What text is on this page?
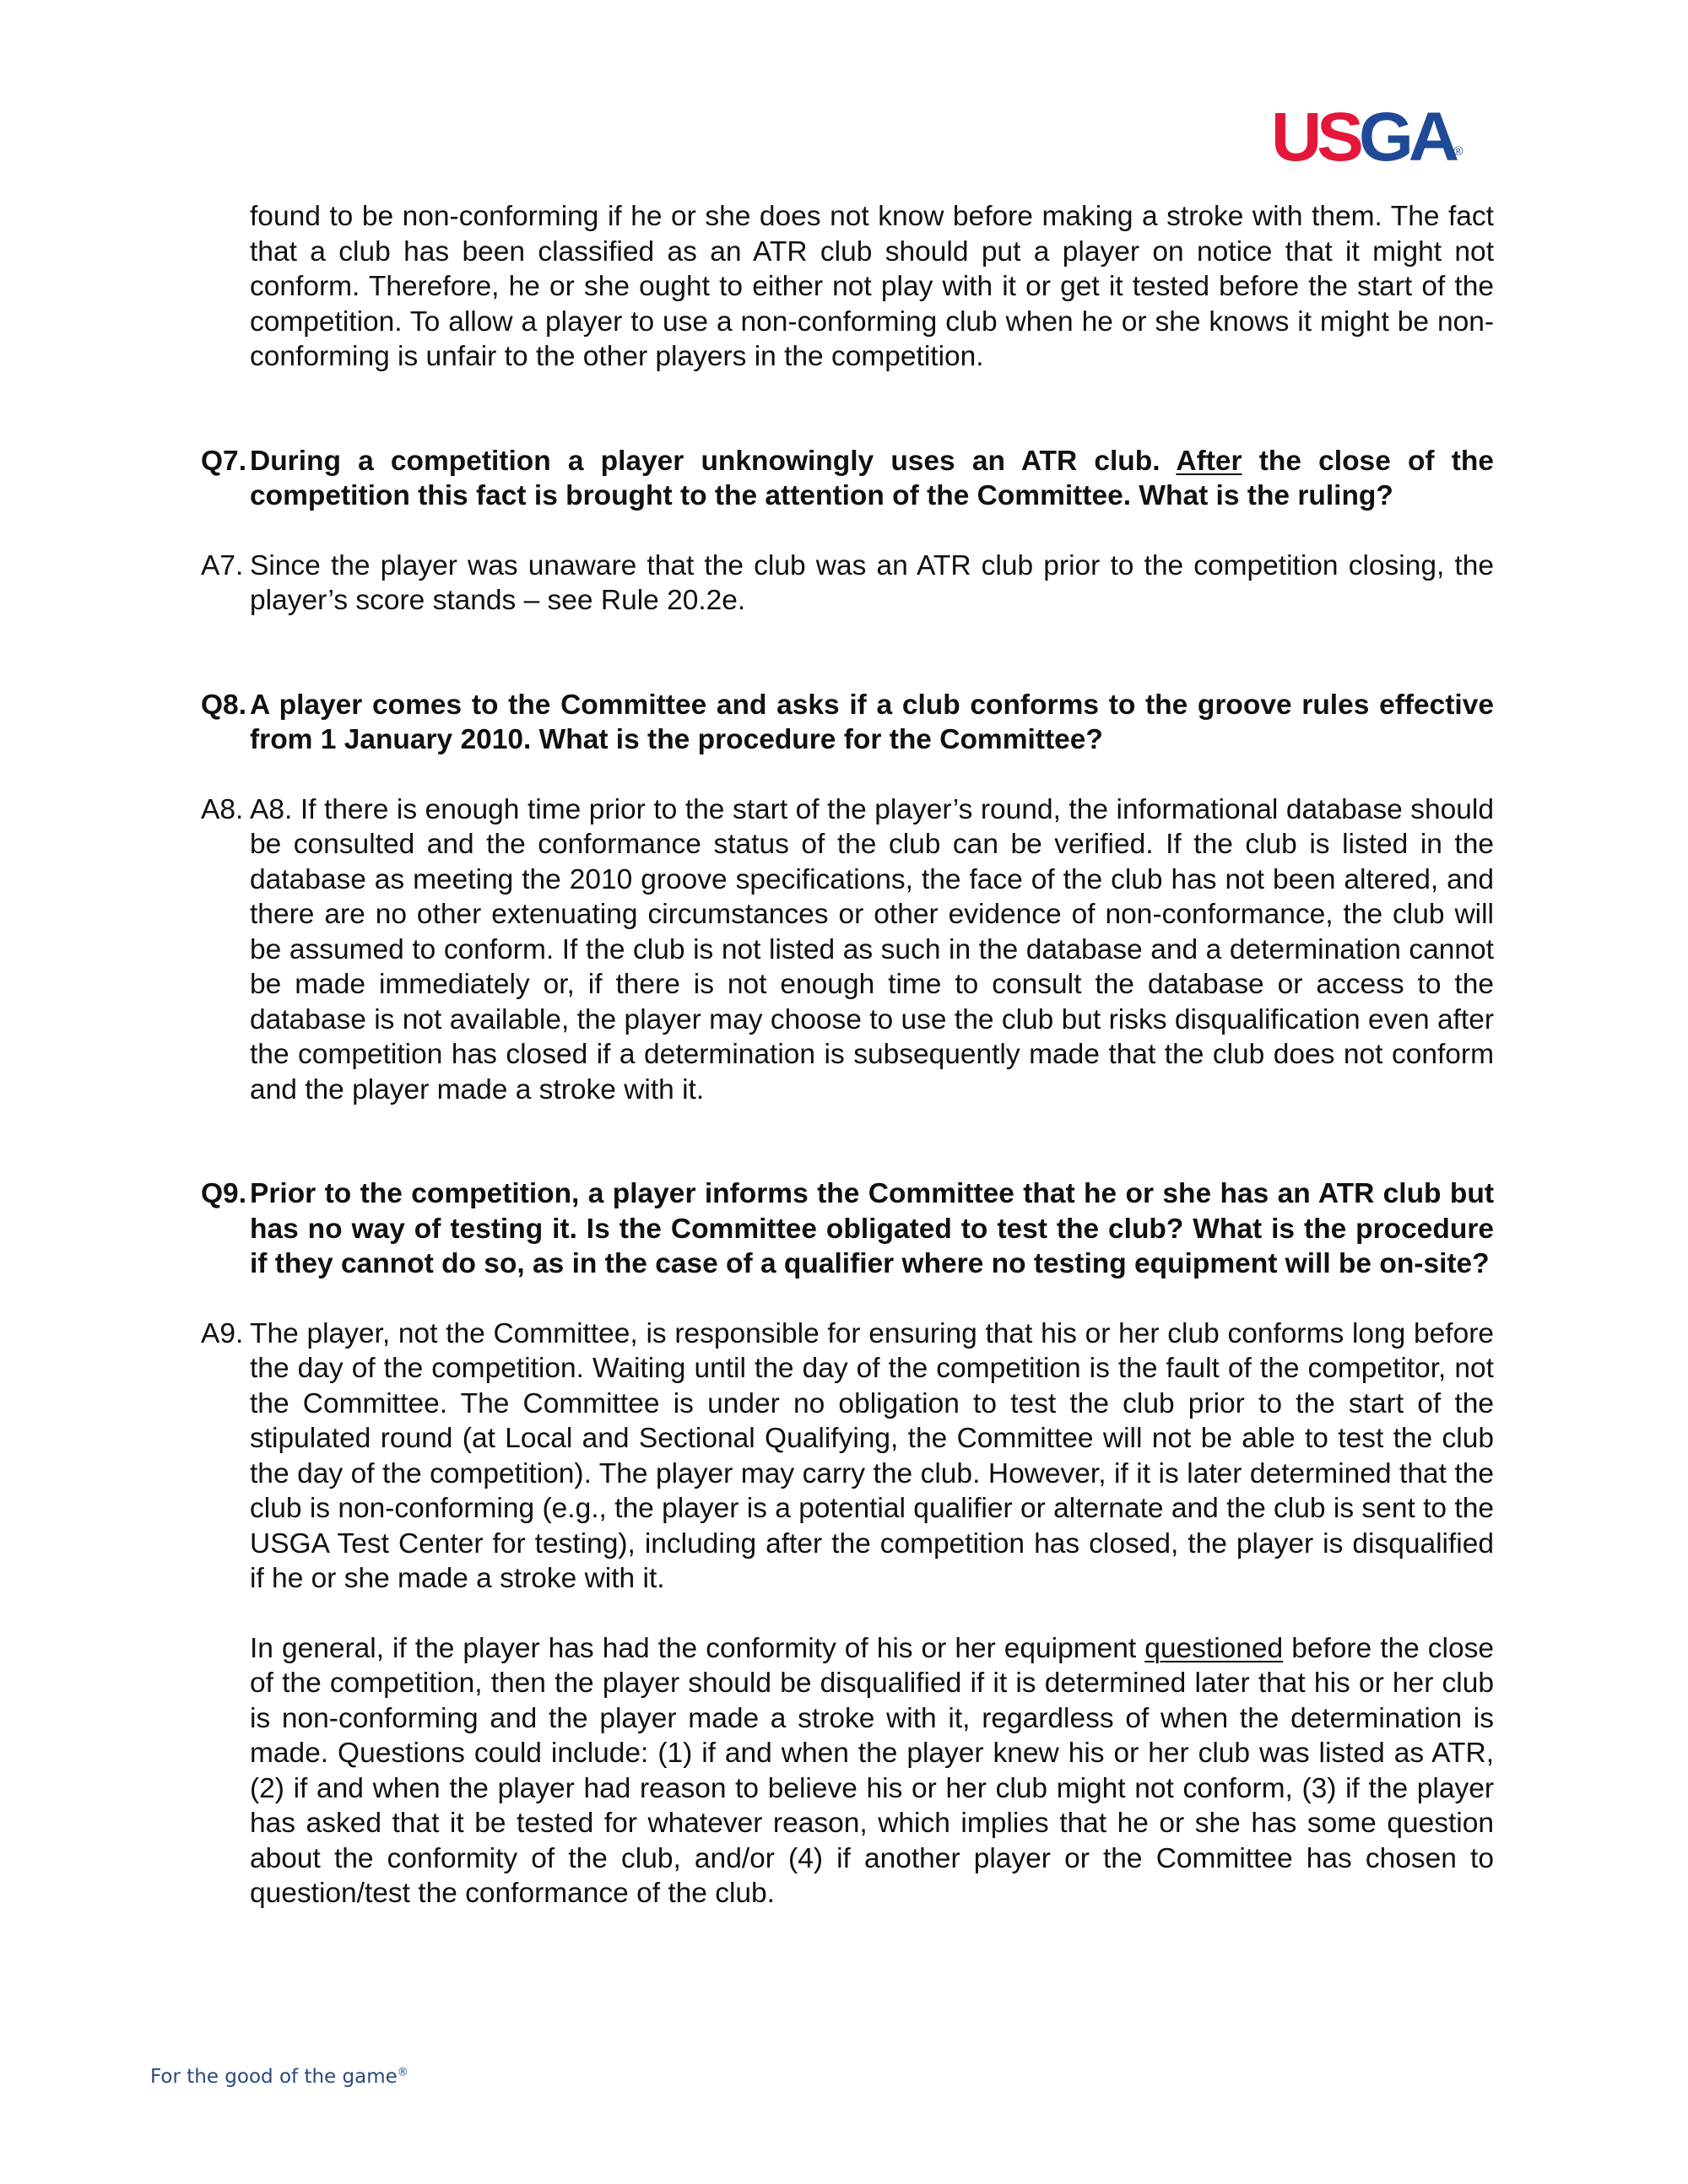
USGA ®
found to be non-conforming if he or she does not know before making a stroke with them. The fact that a club has been classified as an ATR club should put a player on notice that it might not conform. Therefore, he or she ought to either not play with it or get it tested before the start of the competition. To allow a player to use a non-conforming club when he or she knows it might be non-conforming is unfair to the other players in the competition.
Q7. During a competition a player unknowingly uses an ATR club. After the close of the competition this fact is brought to the attention of the Committee. What is the ruling?
A7. Since the player was unaware that the club was an ATR club prior to the competition closing, the player’s score stands – see Rule 20.2e.
Q8. A player comes to the Committee and asks if a club conforms to the groove rules effective from 1 January 2010. What is the procedure for the Committee?
A8. A8. If there is enough time prior to the start of the player’s round, the informational database should be consulted and the conformance status of the club can be verified. If the club is listed in the database as meeting the 2010 groove specifications, the face of the club has not been altered, and there are no other extenuating circumstances or other evidence of non-conformance, the club will be assumed to conform. If the club is not listed as such in the database and a determination cannot be made immediately or, if there is not enough time to consult the database or access to the database is not available, the player may choose to use the club but risks disqualification even after the competition has closed if a determination is subsequently made that the club does not conform and the player made a stroke with it.
Q9. Prior to the competition, a player informs the Committee that he or she has an ATR club but has no way of testing it. Is the Committee obligated to test the club? What is the procedure if they cannot do so, as in the case of a qualifier where no testing equipment will be on-site?
A9. The player, not the Committee, is responsible for ensuring that his or her club conforms long before the day of the competition. Waiting until the day of the competition is the fault of the competitor, not the Committee. The Committee is under no obligation to test the club prior to the start of the stipulated round (at Local and Sectional Qualifying, the Committee will not be able to test the club the day of the competition). The player may carry the club. However, if it is later determined that the club is non-conforming (e.g., the player is a potential qualifier or alternate and the club is sent to the USGA Test Center for testing), including after the competition has closed, the player is disqualified if he or she made a stroke with it.
In general, if the player has had the conformity of his or her equipment questioned before the close of the competition, then the player should be disqualified if it is determined later that his or her club is non-conforming and the player made a stroke with it, regardless of when the determination is made. Questions could include: (1) if and when the player knew his or her club was listed as ATR, (2) if and when the player had reason to believe his or her club might not conform, (3) if the player has asked that it be tested for whatever reason, which implies that he or she has some question about the conformity of the club, and/or (4) if another player or the Committee has chosen to question/test the conformance of the club.
For the good of the game®
